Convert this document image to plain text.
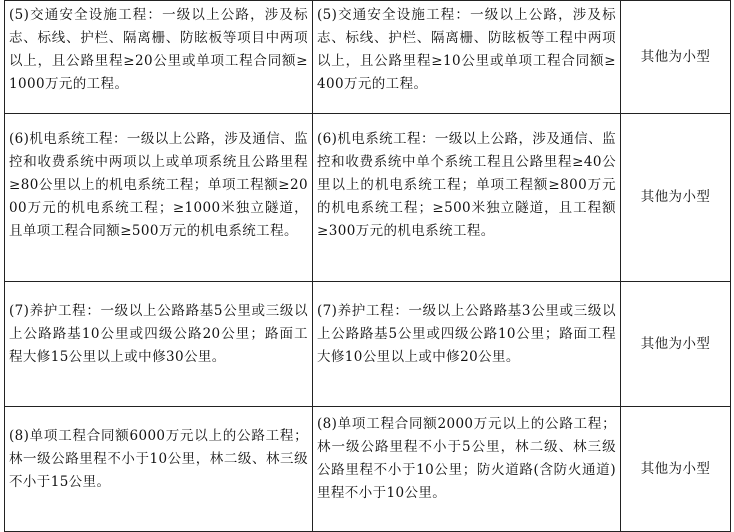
(5)交通安全设施工程：一级以上公路，涉及标志、标线、护栏、隔离栅、防眩板等项目中两项以上，且公路里程≥20公里或单项工程合同额≥1000万元的工程。	(5)交通安全设施工程：一级以上公路，涉及标志、标线、护栏、隔离栅、防眩板等工程中两项以上，且公路里程≥10公里或单项工程合同额≥400万元的工程。	其他为小型
(6)机电系统工程：一级以上公路，涉及通信、监控和收费系统中两项以上或单项系统且公路里程≥80公里以上的机电系统工程；单项工程额≥2000万元的机电系统工程；≥1000米独立隧道，且单项工程合同额≥500万元的机电系统工程。	(6)机电系统工程：一级以上公路，涉及通信、监控和收费系统中单个系统工程且公路里程≥40公里以上的机电系统工程；单项工程额≥800万元的机电系统工程；≥500米独立隧道，且工程额≥300万元的机电系统工程。	其他为小型
(7)养护工程：一级以上公路路基5公里或三级以上公路路基10公里或四级公路20公里；路面工程大修15公里以上或中修30公里。	(7)养护工程：一级以上公路路基3公里或三级以上公路路基5公里或四级公路10公里；路面工程大修10公里以上或中修20公里。	其他为小型
(8)单项工程合同额6000万元以上的公路工程；林一级公路里程不小于10公里，林二级、林三级不小于15公里。	(8)单项工程合同额2000万元以上的公路工程；林一级公路里程不小于5公里，林二级、林三级公路里程不小于10公里；防火道路(含防火通道)里程不小于10公里。	其他为小型
